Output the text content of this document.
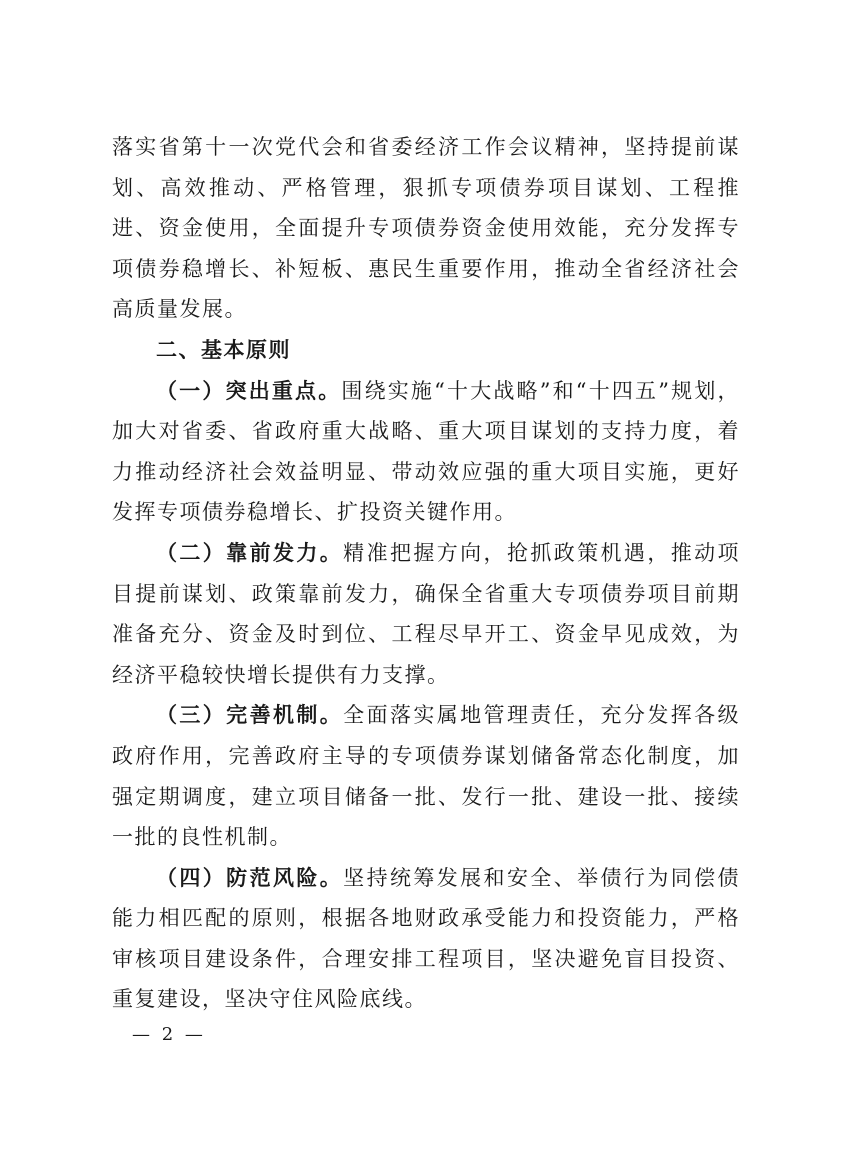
落实省第十一次党代会和省委经济工作会议精神，坚持提前谋划、高效推动、严格管理，狠抓专项债券项目谋划、工程推进、资金使用，全面提升专项债券资金使用效能，充分发挥专项债券稳增长、补短板、惠民生重要作用，推动全省经济社会高质量发展。

二、基本原则

（一）突出重点。围绕实施“十大战略”和“十四五”规划，加大对省委、省政府重大战略、重大项目谋划的支持力度，着力推动经济社会效益明显、带动效应强的重大项目实施，更好发挥专项债券稳增长、扩投资关键作用。

（二）靠前发力。精准把握方向，抢抓政策机遇，推动项目提前谋划、政策靠前发力，确保全省重大专项债券项目前期准备充分、资金及时到位、工程尽早开工、资金早见成效，为经济平稳较快增长提供有力支撑。

（三）完善机制。全面落实属地管理责任，充分发挥各级政府作用，完善政府主导的专项债券谋划储备常态化制度，加强定期调度，建立项目储备一批、发行一批、建设一批、接续一批的良性机制。

（四）防范风险。坚持统筹发展和安全、举债行为同偿债能力相匹配的原则，根据各地财政承受能力和投资能力，严格审核项目建设条件，合理安排工程项目，坚决避免盲目投资、重复建设，坚决守住风险底线。

— 2 —
